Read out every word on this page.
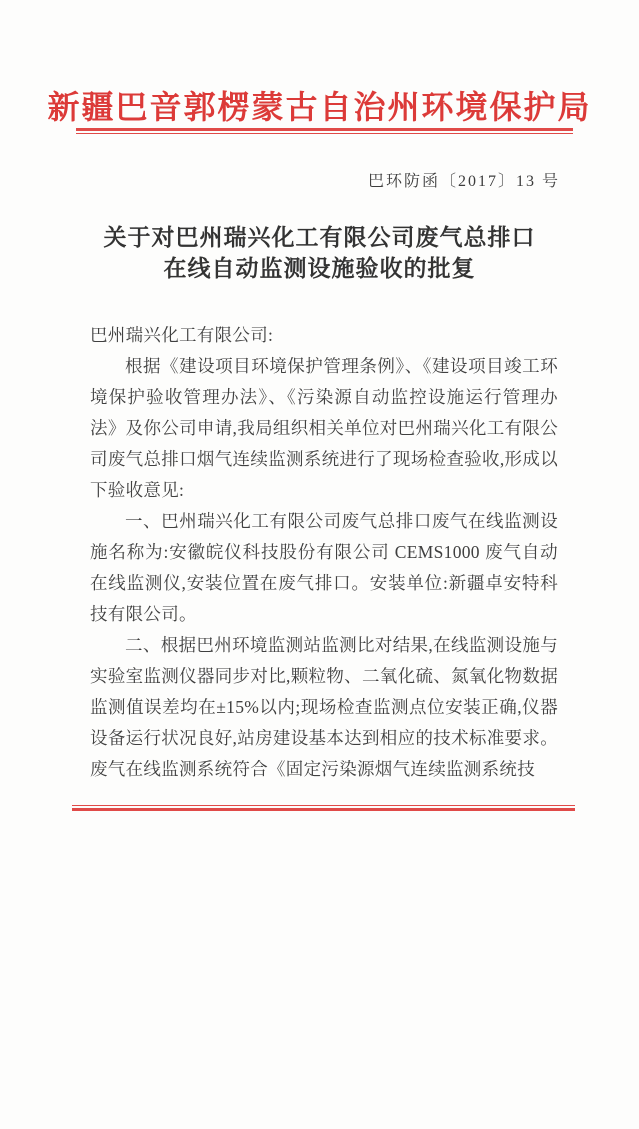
新疆巴音郭楞蒙古自治州环境保护局
巴环防函〔2017〕13 号
关于对巴州瑞兴化工有限公司废气总排口
在线自动监测设施验收的批复

巴州瑞兴化工有限公司:

根据《建设项目环境保护管理条例》、《建设项目竣工环境保护验收管理办法》、《污染源自动监控设施运行管理办法》及你公司申请,我局组织相关单位对巴州瑞兴化工有限公司废气总排口烟气连续监测系统进行了现场检查验收,形成以下验收意见:

一、巴州瑞兴化工有限公司废气总排口废气在线监测设施名称为:安徽皖仪科技股份有限公司 CEMS1000 废气自动在线监测仪,安装位置在废气排口。安装单位:新疆卓安特科技有限公司。

二、根据巴州环境监测站监测比对结果,在线监测设施与实验室监测仪器同步对比,颗粒物、二氧化硫、氮氧化物数据监测值误差均在±15%以内;现场检查监测点位安装正确,仪器设备运行状况良好,站房建设基本达到相应的技术标准要求。废气在线监测系统符合《固定污染源烟气连续监测系统技
